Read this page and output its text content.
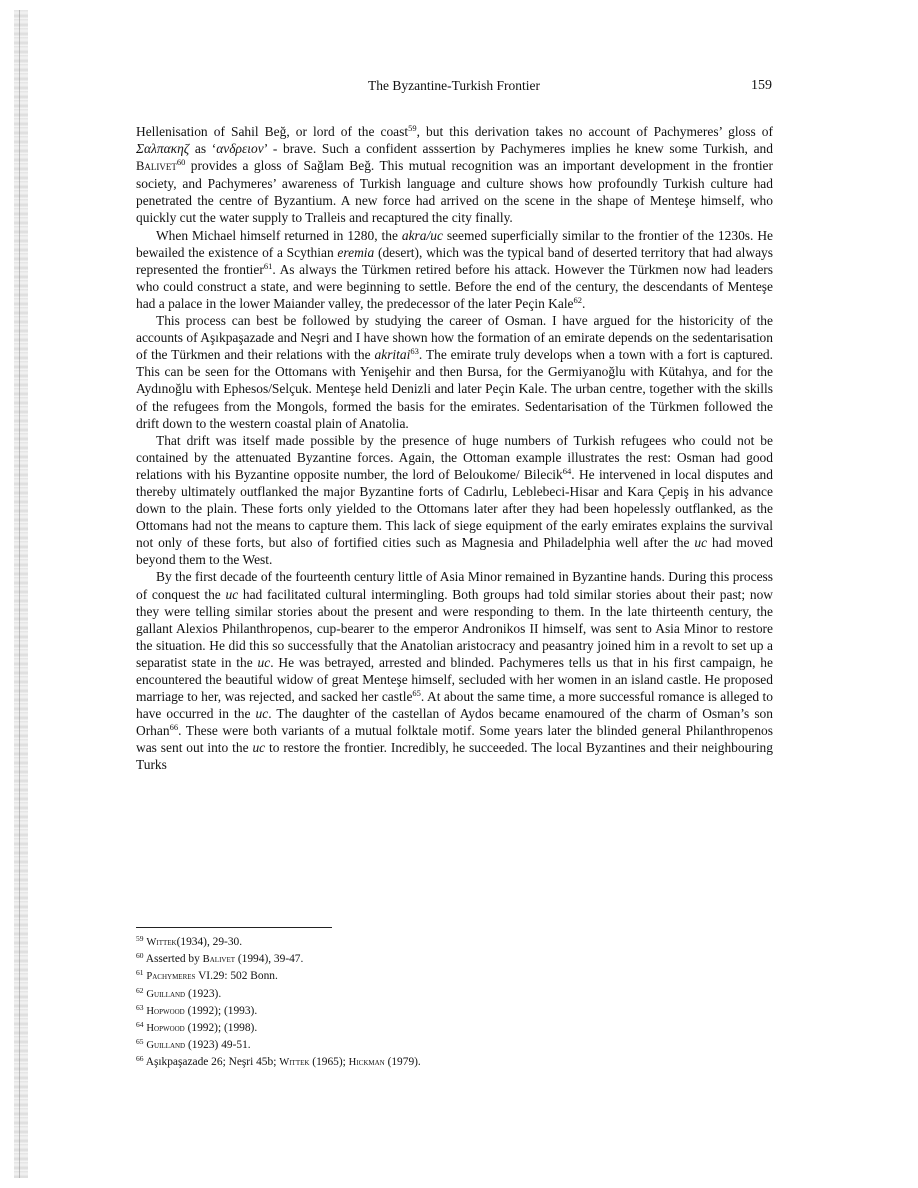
The Byzantine-Turkish Frontier	159

Hellenisation of Sahil Beğ, or lord of the coast$^{59}$, but this derivation takes no account of Pachymeres’ gloss of Σαλπακηζ as ‘ανδρειον’ - brave. Such a confident asssertion by Pachymeres implies he knew some Turkish, and Balivet$^{60}$ provides a gloss of Sağlam Beğ. This mutual recognition was an important development in the frontier society, and Pachymeres’ awareness of Turkish language and culture shows how profoundly Turkish culture had penetrated the centre of Byzantium. A new force had arrived on the scene in the shape of Menteşe himself, who quickly cut the water supply to Tralleis and recaptured the city finally.

When Michael himself returned in 1280, the akra/uc seemed superficially similar to the frontier of the 1230s. He bewailed the existence of a Scythian eremia (desert), which was the typical band of deserted territory that had always represented the frontier$^{61}$. As always the Türkmen retired before his attack. However the Türkmen now had leaders who could construct a state, and were beginning to settle. Before the end of the century, the descendants of Menteşe had a palace in the lower Maiander valley, the predecessor of the later Peçin Kale$^{62}$.

This process can best be followed by studying the career of Osman. I have argued for the historicity of the accounts of Aşıkpaşazade and Neşri and I have shown how the formation of an emirate depends on the sedentarisation of the Türkmen and their relations with the akritai$^{63}$. The emirate truly develops when a town with a fort is captured. This can be seen for the Ottomans with Yenişehir and then Bursa, for the Germiyanoğlu with Kütahya, and for the Aydınoğlu with Ephesos/Selçuk. Menteşe held Denizli and later Peçin Kale. The urban centre, together with the skills of the refugees from the Mongols, formed the basis for the emirates. Sedentarisation of the Türkmen followed the drift down to the western coastal plain of Anatolia.

That drift was itself made possible by the presence of huge numbers of Turkish refugees who could not be contained by the attenuated Byzantine forces. Again, the Ottoman example illustrates the rest: Osman had good relations with his Byzantine opposite number, the lord of Beloukome/ Bilecik$^{64}$. He intervened in local disputes and thereby ultimately outflanked the major Byzantine forts of Cadırlu, Leblebeci-Hisar and Kara Çepiş in his advance down to the plain. These forts only yielded to the Ottomans later after they had been hopelessly outflanked, as the Ottomans had not the means to capture them. This lack of siege equipment of the early emirates explains the survival not only of these forts, but also of fortified cities such as Magnesia and Philadelphia well after the uc had moved beyond them to the West.

By the first decade of the fourteenth century little of Asia Minor remained in Byzantine hands. During this process of conquest the uc had facilitated cultural intermingling. Both groups had told similar stories about their past; now they were telling similar stories about the present and were responding to them. In the late thirteenth century, the gallant Alexios Philanthropenos, cup-bearer to the emperor Andronikos II himself, was sent to Asia Minor to restore the situation. He did this so successfully that the Anatolian aristocracy and peasantry joined him in a revolt to set up a separatist state in the uc. He was betrayed, arrested and blinded. Pachymeres tells us that in his first campaign, he encountered the beautiful widow of great Menteşe himself, secluded with her women in an island castle. He proposed marriage to her, was rejected, and sacked her castle$^{65}$. At about the same time, a more successful romance is alleged to have occurred in the uc. The daughter of the castellan of Aydos became enamoured of the charm of Osman’s son Orhan$^{66}$. These were both variants of a mutual folktale motif. Some years later the blinded general Philanthropenos was sent out into the uc to restore the frontier. Incredibly, he succeeded. The local Byzantines and their neighbouring Turks

$^{59}$ Wittek(1934), 29-30.
$^{60}$ Asserted by Balivet (1994), 39-47.
$^{61}$ Pachymeres VI.29: 502 Bonn.
$^{62}$ Guilland (1923).
$^{63}$ Hopwood (1992); (1993).
$^{64}$ Hopwood (1992); (1998).
$^{65}$ Guilland (1923) 49-51.
$^{66}$ Aşıkpaşazade 26; Neşri 45b; Wittek (1965); Hickman (1979).
